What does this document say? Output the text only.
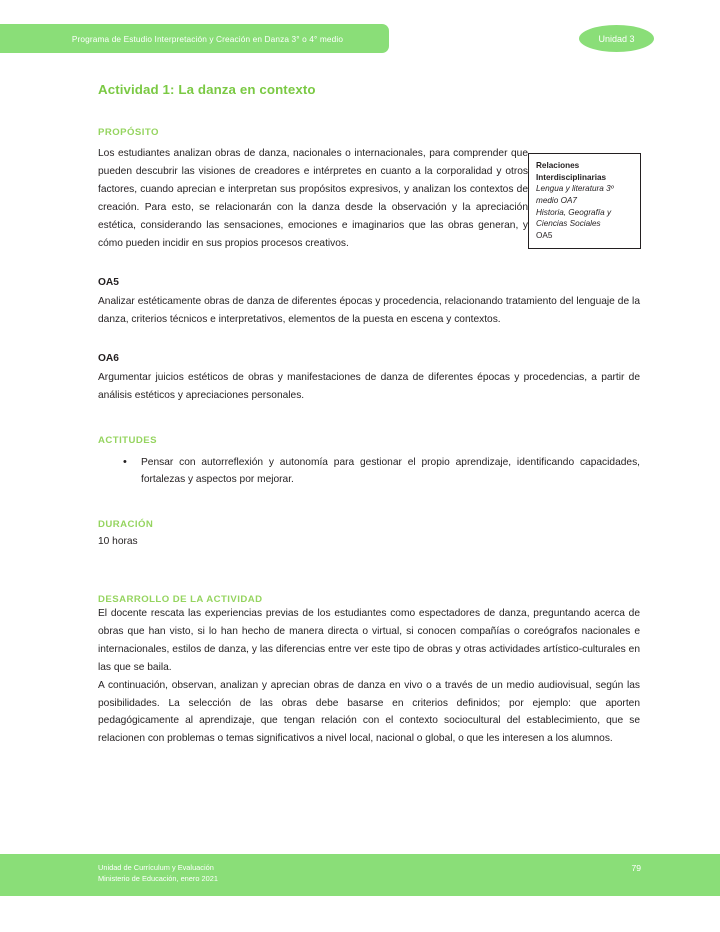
Programa de Estudio Interpretación y Creación en Danza 3° o 4° medio	Unidad 3
Actividad 1: La danza en contexto
PROPÓSITO

Los estudiantes analizan obras de danza, nacionales o internacionales, para comprender que pueden descubrir las visiones de creadores e intérpretes en cuanto a la corporalidad y otros factores, cuando aprecian e interpretan sus propósitos expresivos, y analizan los contextos de creación. Para esto, se relacionarán con la danza desde la observación y la apreciación estética, considerando las sensaciones, emociones e imaginarios que las obras generan, y cómo pueden incidir en sus propios procesos creativos.

Relaciones
Interdisciplinarias
Lengua y literatura 3º
medio OA7
Historia, Geografía y
Ciencias Sociales
OA5
OA5

Analizar estéticamente obras de danza de diferentes épocas y procedencia, relacionando tratamiento del lenguaje de la danza, criterios técnicos e interpretativos, elementos de la puesta en escena y contextos.

OA6

Argumentar juicios estéticos de obras y manifestaciones de danza de diferentes épocas y procedencias, a partir de análisis estéticos y apreciaciones personales.

ACTITUDES
• Pensar con autorreflexión y autonomía para gestionar el propio aprendizaje, identificando capacidades, fortalezas y aspectos por mejorar.
DURACIÓN
10 horas
DESARROLLO DE LA ACTIVIDAD

El docente rescata las experiencias previas de los estudiantes como espectadores de danza, preguntando acerca de obras que han visto, si lo han hecho de manera directa o virtual, si conocen compañías o coreógrafos nacionales e internacionales, estilos de danza, y las diferencias entre ver este tipo de obras y otras actividades artístico-culturales en las que se baila.

A continuación, observan, analizan y aprecian obras de danza en vivo o a través de un medio audiovisual, según las posibilidades. La selección de las obras debe basarse en criterios definidos; por ejemplo: que aporten pedagógicamente al aprendizaje, que tengan relación con el contexto sociocultural del establecimiento, que se relacionen con problemas o temas significativos a nivel local, nacional o global, o que les interesen a los alumnos.

Unidad de Currículum y Evaluación
Ministerio de Educación, enero 2021
79
